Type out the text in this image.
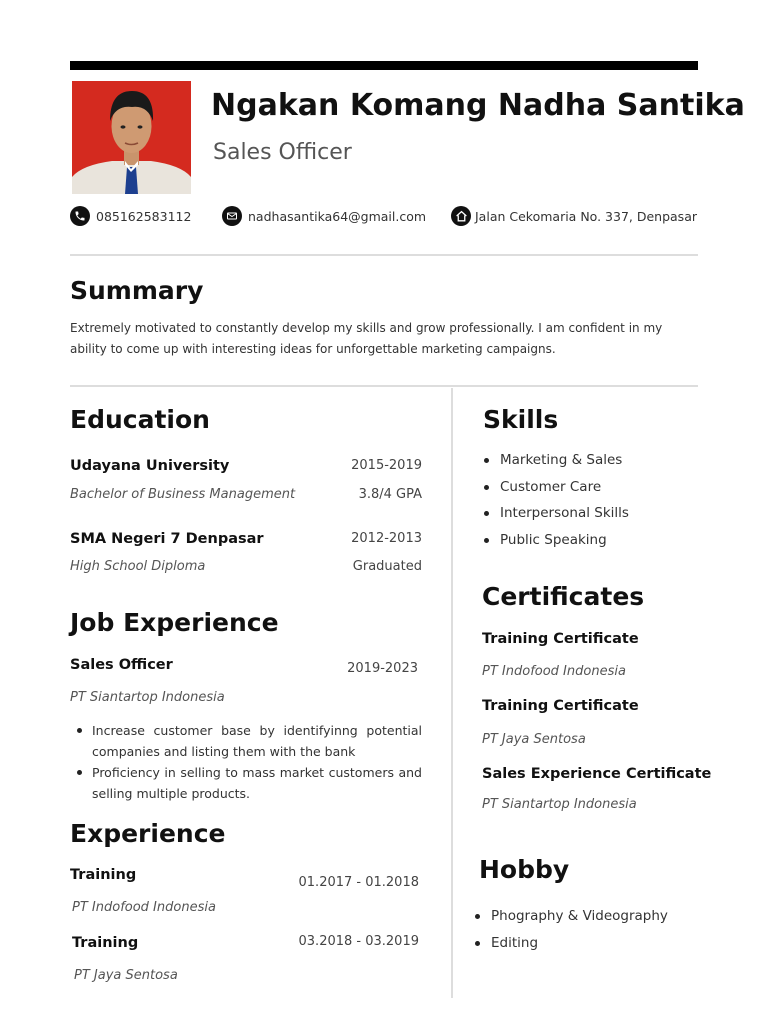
Ngakan Komang Nadha Santika
Sales Officer
085162583112	nadhasantika64@gmail.com	Jalan Cekomaria No. 337, Denpasar
Summary
Extremely motivated to constantly develop my skills and grow professionally. I am confident in my ability to come up with interesting ideas for unforgettable marketing campaigns.
Education
Udayana University	2015-2019
Bachelor of Business Management	3.8/4 GPA
SMA Negeri 7 Denpasar	2012-2013
High School Diploma	Graduated
Job Experience
Sales Officer	2019-2023
PT Siantartop Indonesia
Increase customer base by identifyinng potential companies and listing them with the bank
Proficiency in selling to mass market customers and selling multiple products.
Experience
Training	01.2017 - 01.2018
PT Indofood Indonesia
Training	03.2018 - 03.2019
PT Jaya Sentosa
Skills
Marketing & Sales
Customer Care
Interpersonal Skills
Public Speaking
Certificates
Training Certificate
PT Indofood Indonesia
Training Certificate
PT Jaya Sentosa
Sales Experience Certificate
PT Siantartop Indonesia
Hobby
Phography & Videography
Editing
